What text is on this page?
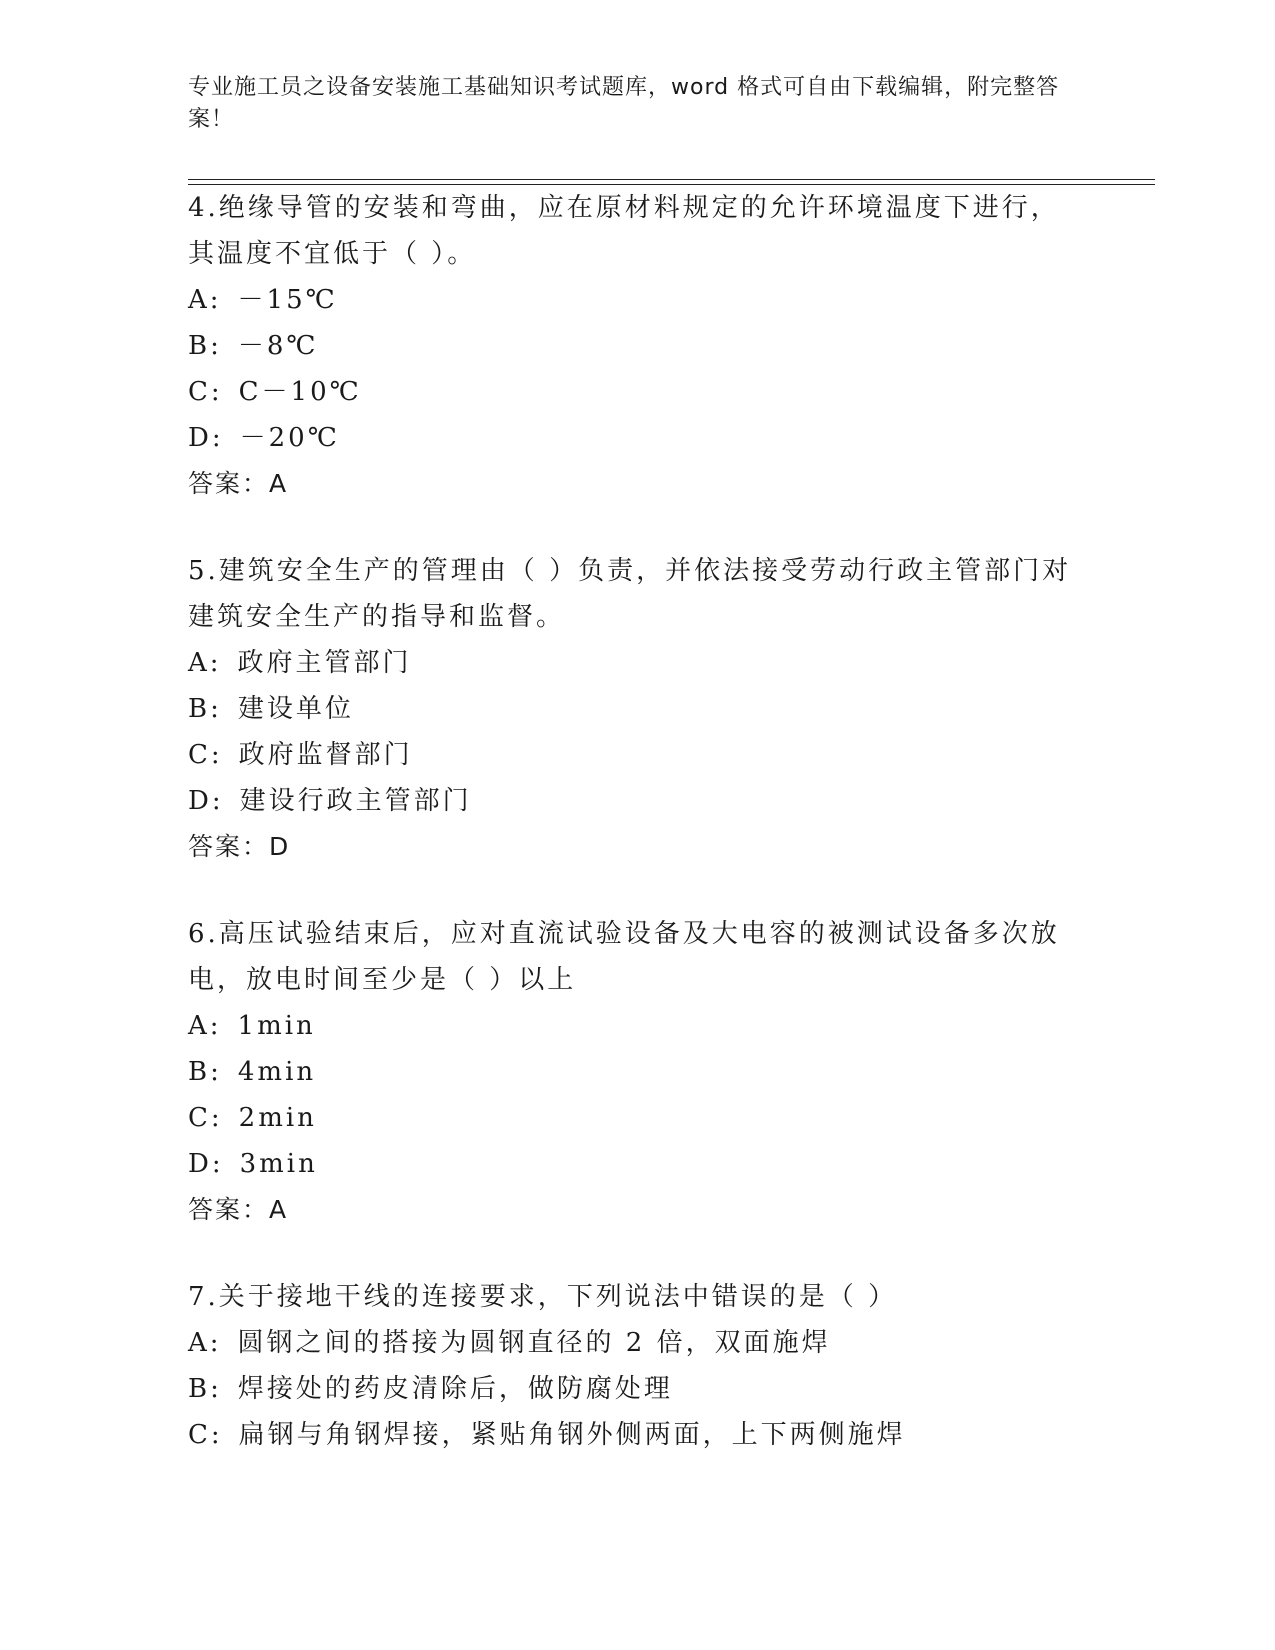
专业施工员之设备安装施工基础知识考试题库，word 格式可自由下载编辑，附完整答案！

4.绝缘导管的安装和弯曲，应在原材料规定的允许环境温度下进行，其温度不宜低于（ ）。

A: －15℃
B: －8℃
C: C－10℃
D: －20℃
答案：A

5.建筑安全生产的管理由（ ）负责，并依法接受劳动行政主管部门对建筑安全生产的指导和监督。

A: 政府主管部门
B: 建设单位
C: 政府监督部门
D: 建设行政主管部门
答案：D

6.高压试验结束后，应对直流试验设备及大电容的被测试设备多次放电，放电时间至少是（ ）以上

A: 1min
B: 4min
C: 2min
D: 3min
答案：A

7.关于接地干线的连接要求，下列说法中错误的是（ ）

A: 圆钢之间的搭接为圆钢直径的 2 倍，双面施焊
B: 焊接处的药皮清除后，做防腐处理
C: 扁钢与角钢焊接，紧贴角钢外侧两面，上下两侧施焊
